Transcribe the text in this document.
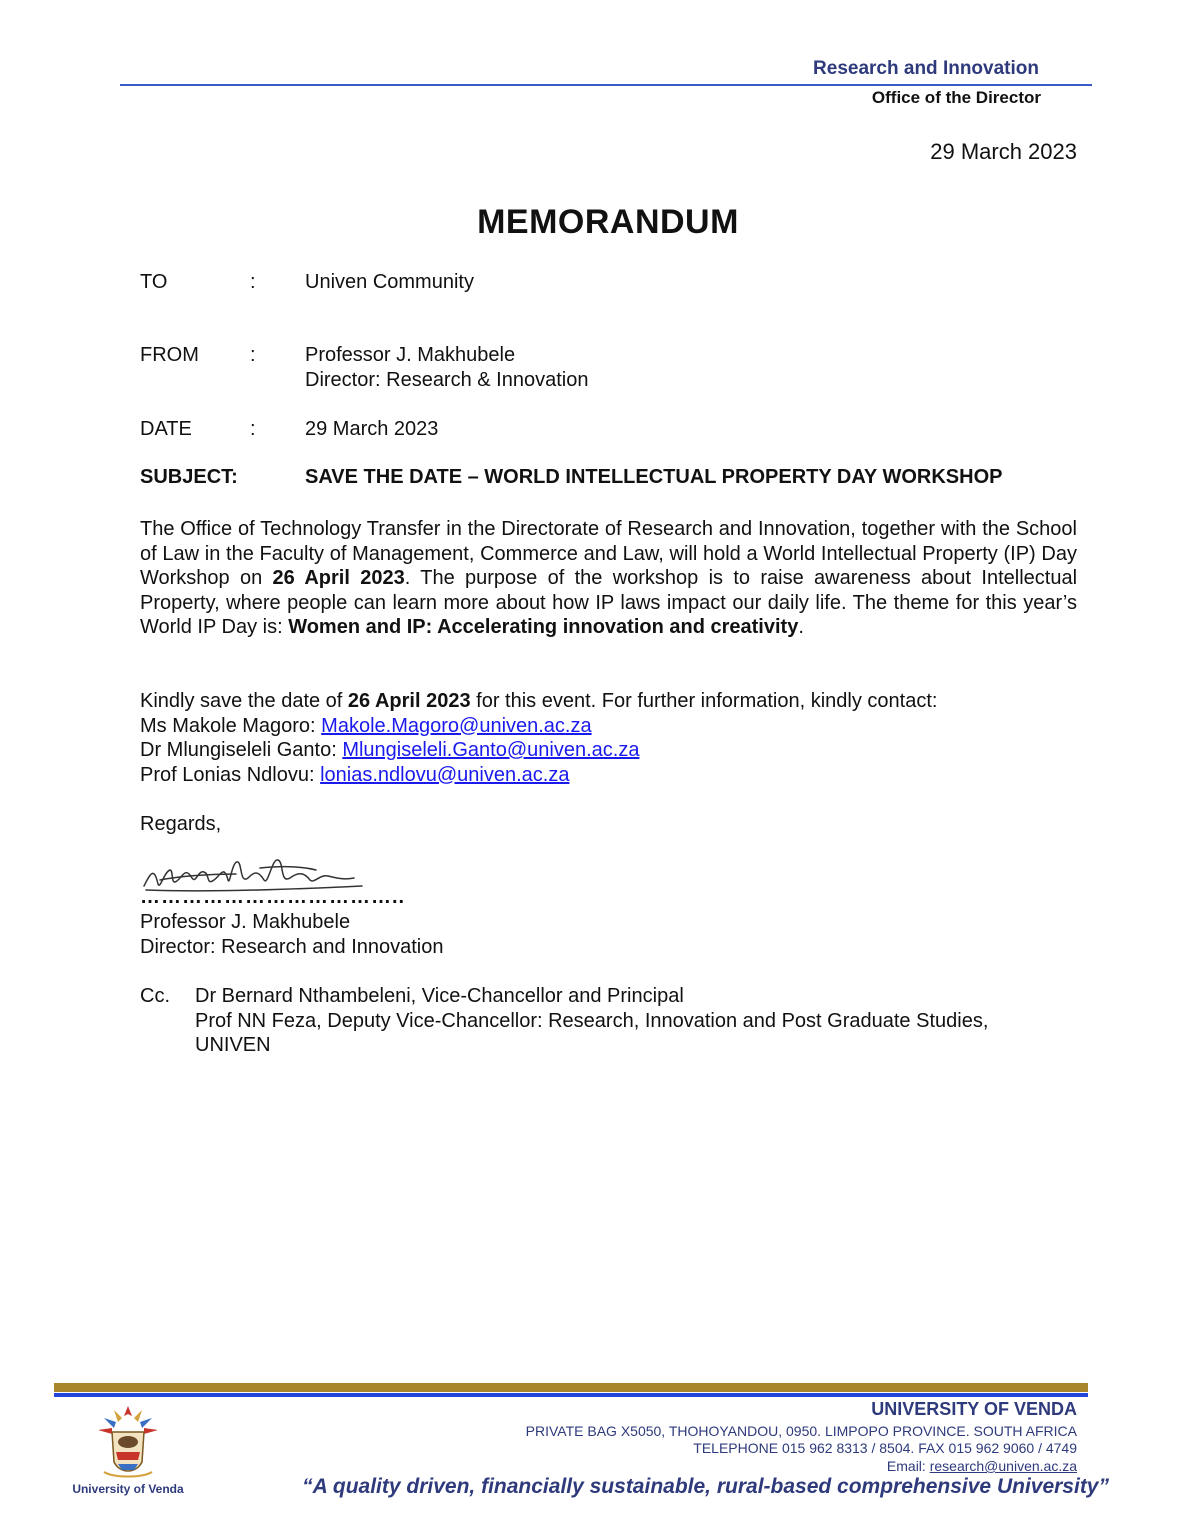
Research and Innovation
Office of the Director
29 March 2023
MEMORANDUM
TO	: Univen Community
FROM	: Professor J. Makhubele
Director: Research & Innovation
DATE	: 29 March 2023
SUBJECT:	SAVE THE DATE – WORLD INTELLECTUAL PROPERTY DAY WORKSHOP
The Office of Technology Transfer in the Directorate of Research and Innovation, together with the School of Law in the Faculty of Management, Commerce and Law, will hold a World Intellectual Property (IP) Day Workshop on 26 April 2023. The purpose of the workshop is to raise awareness about Intellectual Property, where people can learn more about how IP laws impact our daily life. The theme for this year’s World IP Day is: Women and IP: Accelerating innovation and creativity.
Kindly save the date of 26 April 2023 for this event. For further information, kindly contact:
Ms Makole Magoro: Makole.Magoro@univen.ac.za
Dr Mlungiseleli Ganto: Mlungiseleli.Ganto@univen.ac.za
Prof Lonias Ndlovu: lonias.ndlovu@univen.ac.za
Regards,
………………………………..
Professor J. Makhubele
Director: Research and Innovation
Cc. Dr Bernard Nthambeleni, Vice-Chancellor and Principal
Prof NN Feza, Deputy Vice-Chancellor: Research, Innovation and Post Graduate Studies,
UNIVEN
University of Venda
UNIVERSITY OF VENDA
PRIVATE BAG X5050, THOHOYANDOU, 0950. LIMPOPO PROVINCE. SOUTH AFRICA
TELEPHONE 015 962 8313 / 8504. FAX 015 962 9060 / 4749
Email: research@univen.ac.za
“A quality driven, financially sustainable, rural-based comprehensive University”
